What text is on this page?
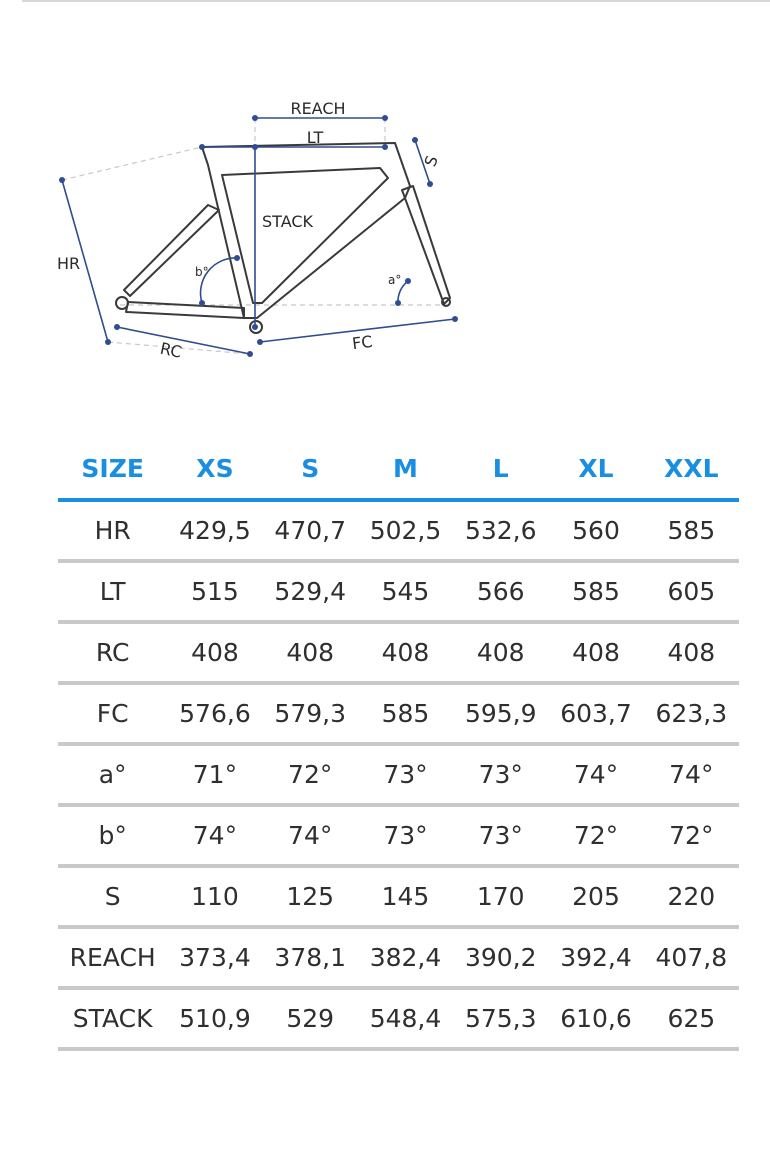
REACH
LT
S
STACK
HR	b°
a°
RC	FC
SIZE	XS	S	M	L	XL	XXL
HR	429,5	470,7	502,5	532,6	560	585
LT	515	529,4	545	566	585	605
RC	408	408	408	408	408	408
FC	576,6	579,3	585	595,9	603,7	623,3
a°	71°	72°	73°	73°	74°	74°
b°	74°	74°	73°	73°	72°	72°
S	110	125	145	170	205	220
REACH	373,4	378,1	382,4	390,2	392,4	407,8
STACK	510,9	529	548,4	575,3	610,6	625
